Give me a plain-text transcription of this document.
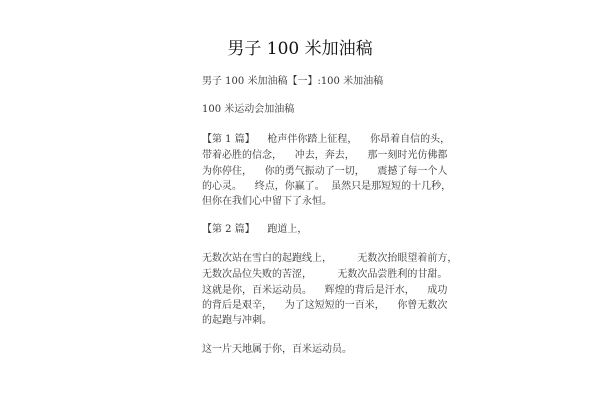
男子 100 米加油稿
男子 100 米加油稿【一】:100 米加油稿
100 米运动会加油稿
【第 1 篇】    枪声伴你踏上征程，    你昂着自信的头，
带着必胜的信念，    冲去，奔去，    那一刻时光仿佛都
为你停住，    你的勇气振动了一切，    震撼了每一个人
的心灵。    终点，你赢了。  虽然只是那短短的十几秒，
但你在我们心中留下了永恒。
【第 2 篇】    跑道上，
无数次站在雪白的起跑线上，        无数次抬眼望着前方，
无数次品位失败的苦涩，        无数次品尝胜利的甘甜。
这就是你，百米运动员。    辉煌的背后是汗水，    成功
的背后是艰辛，    为了这短短的一百米，    你曾无数次
的起跑与冲刺。
这一片天地属于你，百米运动员。
